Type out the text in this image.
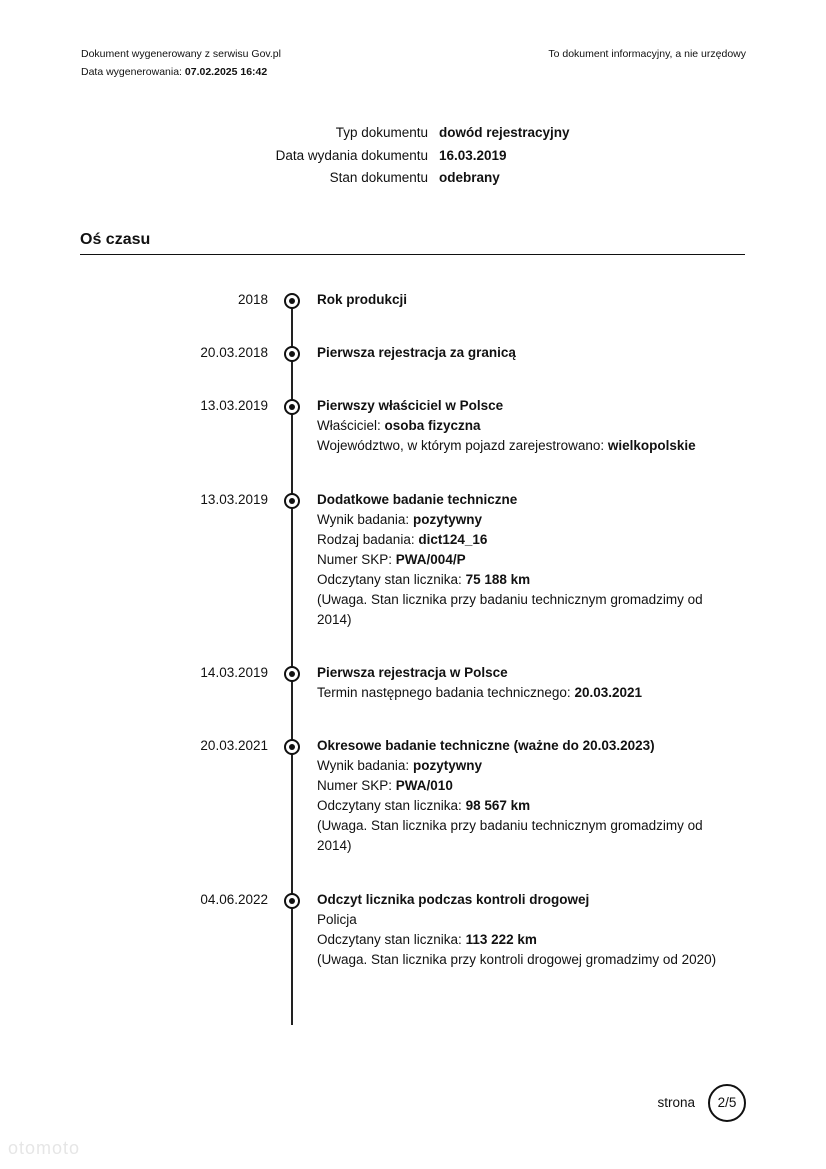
Dokument wygenerowany z serwisu Gov.pl
Data wygenerowania: 07.02.2025 16:42
To dokument informacyjny, a nie urzędowy
Typ dokumentu dowód rejestracyjny
Data wydania dokumentu 16.03.2019
Stan dokumentu odebrany
Oś czasu
2018	Rok produkcji
20.03.2018	Pierwsza rejestracja za granicą
13.03.2019	Pierwszy właściciel w Polsce
Właściciel: osoba fizyczna
Województwo, w którym pojazd zarejestrowano: wielkopolskie
13.03.2019	Dodatkowe badanie techniczne
Wynik badania: pozytywny
Rodzaj badania: dict124_16
Numer SKP: PWA/004/P
Odczytany stan licznika: 75 188 km
(Uwaga. Stan licznika przy badaniu technicznym gromadzimy od 2014)
14.03.2019	Pierwsza rejestracja w Polsce
Termin następnego badania technicznego: 20.03.2021
20.03.2021	Okresowe badanie techniczne (ważne do 20.03.2023)
Wynik badania: pozytywny
Numer SKP: PWA/010
Odczytany stan licznika: 98 567 km
(Uwaga. Stan licznika przy badaniu technicznym gromadzimy od 2014)
04.06.2022	Odczyt licznika podczas kontroli drogowej
Policja
Odczytany stan licznika: 113 222 km
(Uwaga. Stan licznika przy kontroli drogowej gromadzimy od 2020)
strona	2/5
otomoto
